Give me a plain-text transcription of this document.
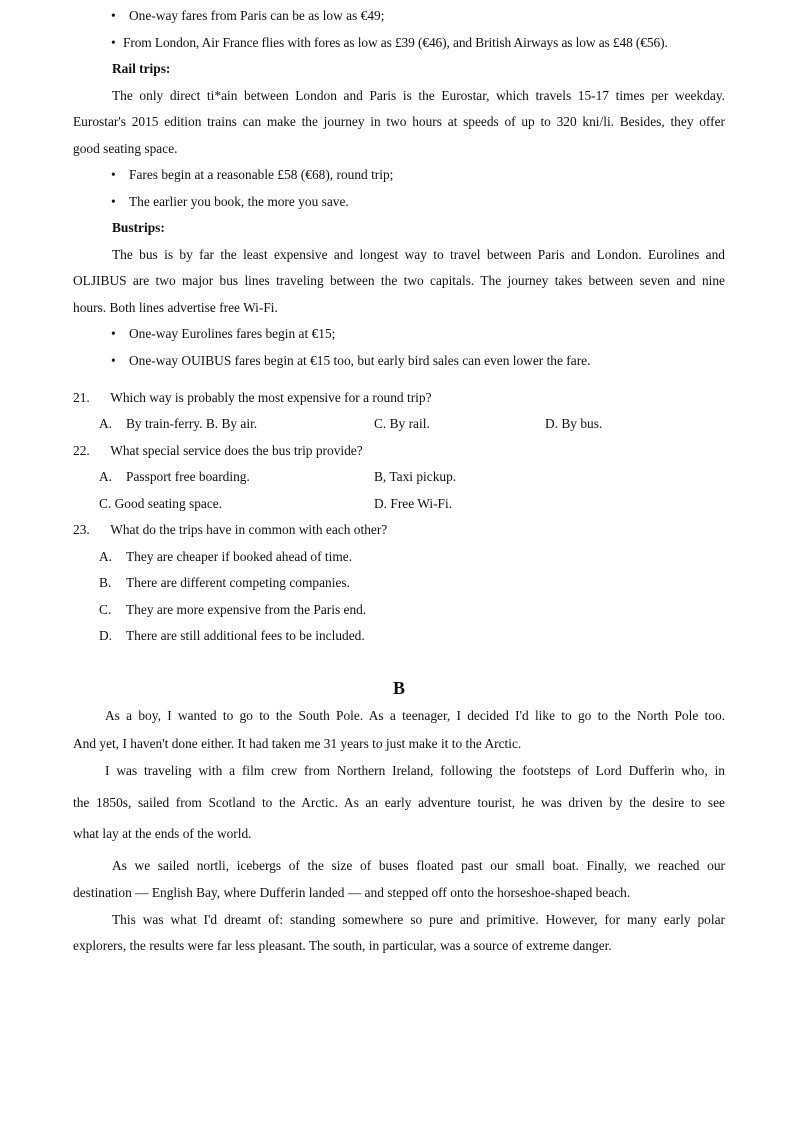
• One-way fares from Paris can be as low as €49;
• From London, Air France flies with fores as low as £39 (€46), and British Airways as low as £48 (€56).
Rail trips:
The only direct ti*ain between London and Paris is the Eurostar, which travels 15-17 times per weekday.
Eurostar's 2015 edition trains can make the journey in two hours at speeds of up to 320 kni/li. Besides, they offer
good seating space.
• Fares begin at a reasonable £58 (€68), round trip;
• The earlier you book, the more you save.
Bustrips:
The bus is by far the least expensive and longest way to travel between Paris and London. Eurolines and
OLJIBUS are two major bus lines traveling between the two capitals. The journey takes between seven and nine
hours. Both lines advertise free Wi-Fi.
• One-way Eurolines fares begin at €15;
• One-way OUIBUS fares begin at €15 too, but early bird sales can even lower the fare.
21. Which way is probably the most expensive for a round trip?
A. By train-ferry. B. By air.	C. By rail.	D. By bus.
22. What special service does the bus trip provide?
A. Passport free boarding.	B, Taxi pickup.
C. Good seating space.	D. Free Wi-Fi.
23. What do the trips have in common with each other?
A. They are cheaper if booked ahead of time.
B. There are different competing companies.
C. They are more expensive from the Paris end.
D. There are still additional fees to be included.
B
As a boy, I wanted to go to the South Pole. As a teenager, I decided I'd like to go to the North Pole too.
And yet, I haven't done either. It had taken me 31 years to just make it to the Arctic.
I was traveling with a film crew from Northern Ireland, following the footsteps of Lord Dufferin who, in
the 1850s, sailed from Scotland to the Arctic. As an early adventure tourist, he was driven by the desire to see
what lay at the ends of the world.
As we sailed nortli, icebergs of the size of buses floated past our small boat. Finally, we reached our
destination — English Bay, where Dufferin landed — and stepped off onto the horseshoe-shaped beach.
This was what I'd dreamt of: standing somewhere so pure and primitive. However, for many early polar
explorers, the results were far less pleasant. The south, in particular, was a source of extreme danger.
